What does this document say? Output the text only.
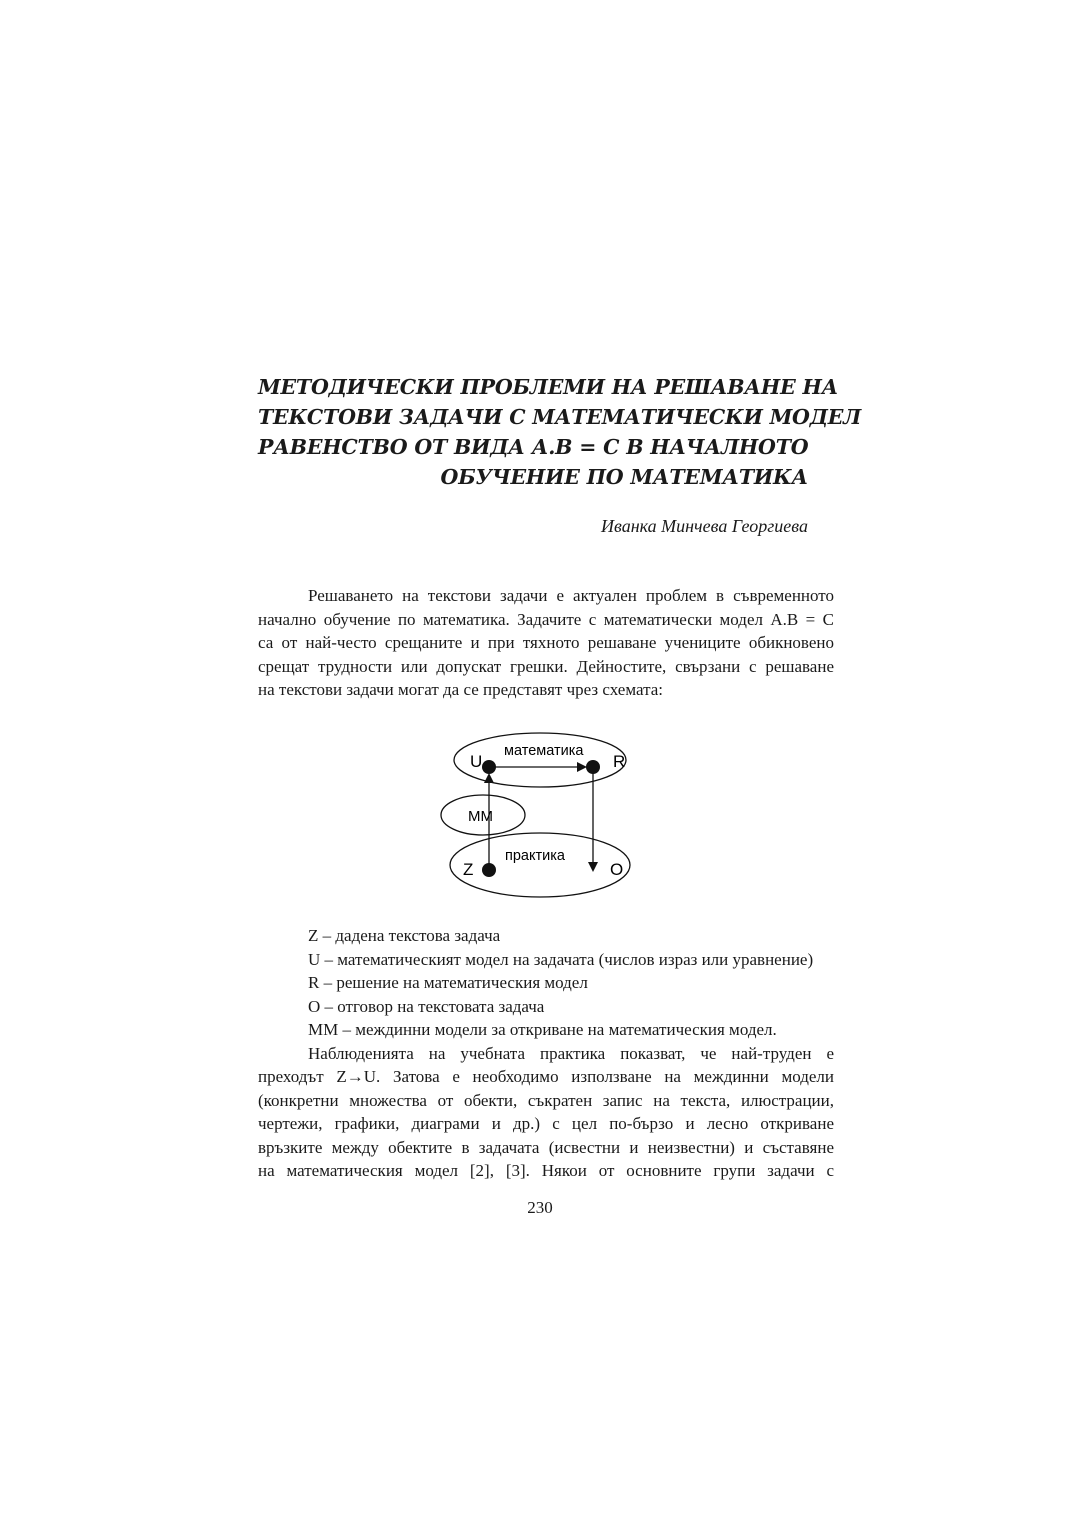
МЕТОДИЧЕСКИ ПРОБЛЕМИ НА РЕШАВАНЕ НА
ТЕКСТОВИ ЗАДАЧИ С МАТЕМАТИЧЕСКИ МОДЕЛ
РАВЕНСТВО ОТ ВИДА А.В = С В НАЧАЛНОТО
ОБУЧЕНИЕ ПО МАТЕМАТИКА
Иванка Минчева Георгиева
Решаването на текстови задачи е актуален проблем в съвременното
начално обучение по математика. Задачите с математически модел А.В = С
са от най-често срещаните и при тяхното решаване учениците обикновено
срещат трудности или допускат грешки. Дейностите, свързани с решаване
на текстови задачи могат да се представят чрез схемата:
математика
ММ
практика
U	R
Z	O
Z – дадена текстова задача
U – математическият модел на задачата (числов израз или уравнение)
R – решение на математическия модел
О – отговор на текстовата задача
ММ – междинни модели за откриване на математическия модел.
Наблюденията на учебната практика показват, че най-труден е
преходът Z→U. Затова е необходимо използване на междинни модели
(конкретни множества от обекти, съкратен запис на текста, илюстрации,
чертежи, графики, диаграми и др.) с цел по-бързо и лесно откриване
връзките между обектите в задачата (исвестни и неизвестни) и съставяне
на математическия модел [2], [3]. Някои от основните групи задачи с
230
